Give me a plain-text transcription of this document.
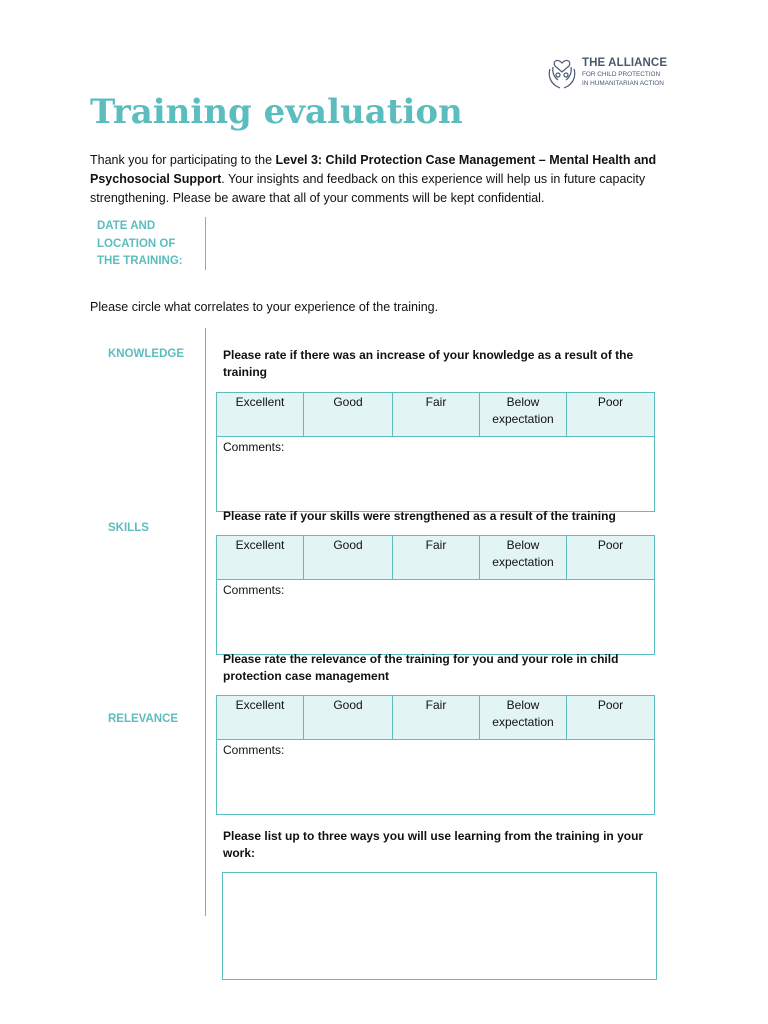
THE ALLIANCE
FOR CHILD PROTECTION
IN HUMANITARIAN ACTION
Training evaluation
Thank you for participating to the Level 3: Child Protection Case Management – Mental Health and Psychosocial Support. Your insights and feedback on this experience will help us in future capacity strengthening. Please be aware that all of your comments will be kept confidential.
DATE AND
LOCATION OF
THE TRAINING:
Please circle what correlates to your experience of the training.
KNOWLEDGE	Please rate if there was an increase of your knowledge as a result of the training
Excellent	Good	Fair	Below expectation	Poor
Comments:
SKILLS
Please rate if your skills were strengthened as a result of the training
Excellent	Good	Fair	Below expectation	Poor
Comments:
Please rate the relevance of the training for you and your role in child protection case management
RELEVANCE
Excellent	Good	Fair	Below expectation	Poor
Comments:
Please list up to three ways you will use learning from the training in your work:
